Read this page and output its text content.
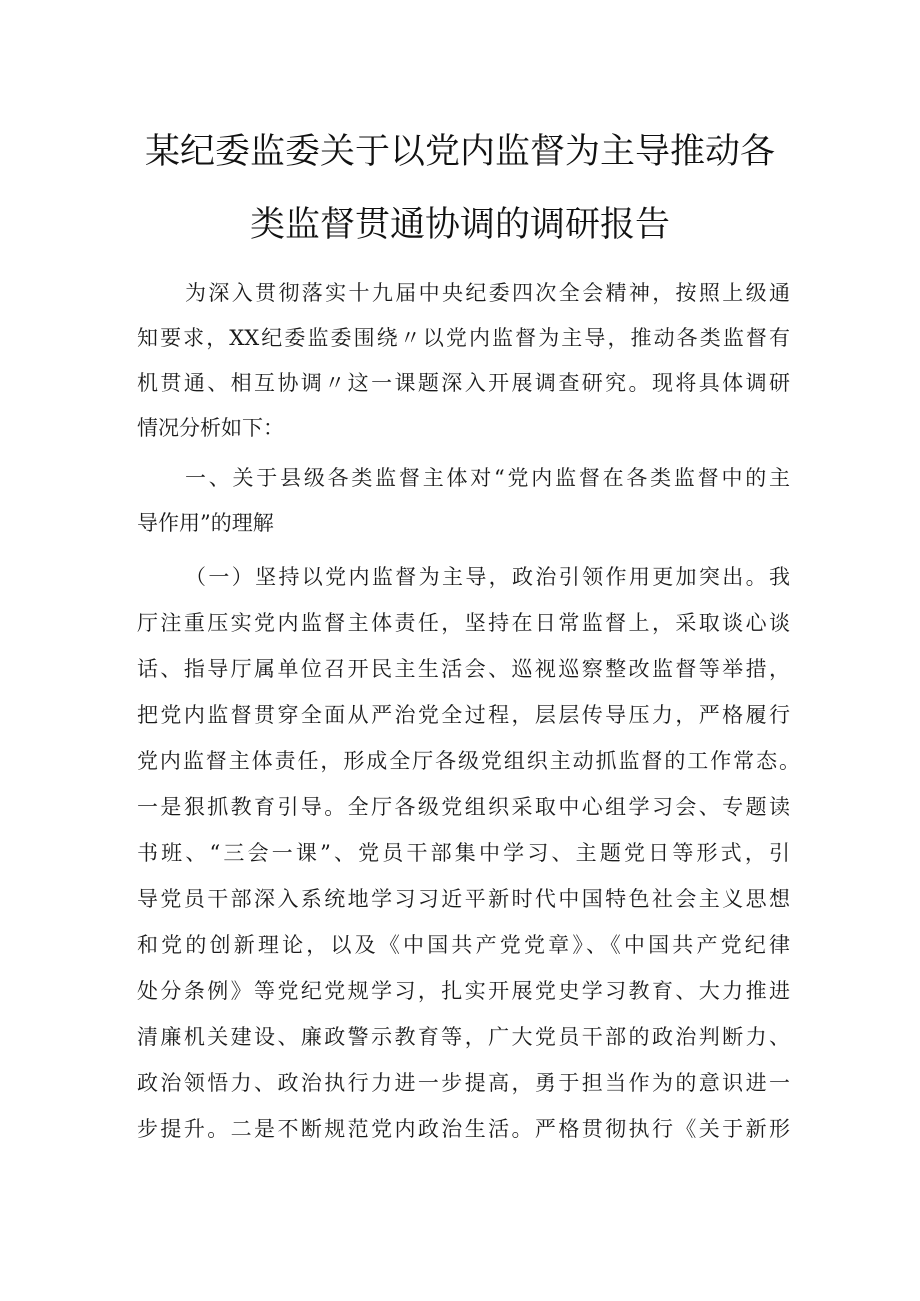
某纪委监委关于以党内监督为主导推动各
类监督贯通协调的调研报告
为深入贯彻落实十九届中央纪委四次全会精神，按照上级通
知要求，XX纪委监委围绕〃以党内监督为主导，推动各类监督有
机贯通、相互协调〃这一课题深入开展调查研究。现将具体调研
情况分析如下：
一、关于县级各类监督主体对“党内监督在各类监督中的主
导作用”的理解
（一）坚持以党内监督为主导，政治引领作用更加突出。我
厅注重压实党内监督主体责任，坚持在日常监督上，采取谈心谈
话、指导厅属单位召开民主生活会、巡视巡察整改监督等举措，
把党内监督贯穿全面从严治党全过程，层层传导压力，严格履行
党内监督主体责任，形成全厅各级党组织主动抓监督的工作常态。
一是狠抓教育引导。全厅各级党组织采取中心组学习会、专题读
书班、“三会一课”、党员干部集中学习、主题党日等形式，引
导党员干部深入系统地学习习近平新时代中国特色社会主义思想
和党的创新理论，以及《中国共产党党章》、《中国共产党纪律
处分条例》等党纪党规学习，扎实开展党史学习教育、大力推进
清廉机关建设、廉政警示教育等，广大党员干部的政治判断力、
政治领悟力、政治执行力进一步提高，勇于担当作为的意识进一
步提升。二是不断规范党内政治生活。严格贯彻执行《关于新形
